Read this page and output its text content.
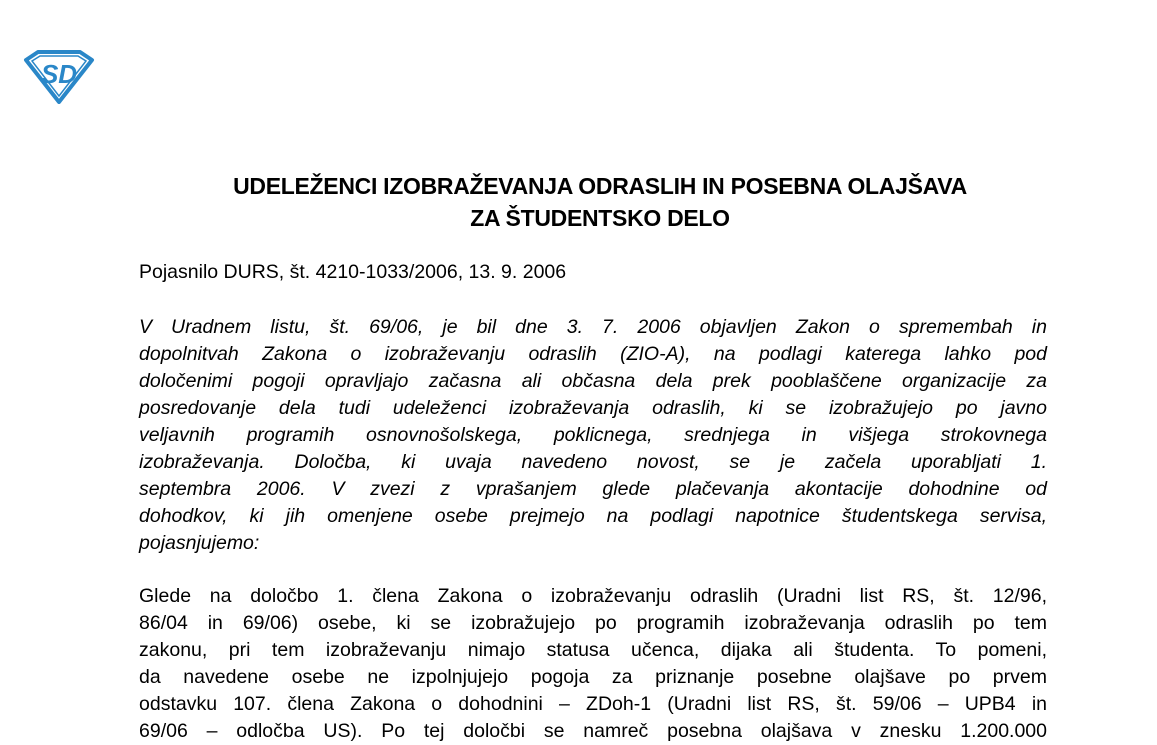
SD
UDELEŽENCI IZOBRAŽEVANJA ODRASLIH IN POSEBNA OLAJŠAVA
ZA ŠTUDENTSKO DELO
Pojasnilo DURS, št. 4210-1033/2006, 13. 9. 2006
V Uradnem listu, št. 69/06, je bil dne 3. 7. 2006 objavljen Zakon o spremembah in
dopolnitvah Zakona o izobraževanju odraslih (ZIO-A), na podlagi katerega lahko pod
določenimi pogoji opravljajo začasna ali občasna dela prek pooblaščene organizacije za
posredovanje dela tudi udeleženci izobraževanja odraslih, ki se izobražujejo po javno
veljavnih programih osnovnošolskega, poklicnega, srednjega in višjega strokovnega
izobraževanja. Določba, ki uvaja navedeno novost, se je začela uporabljati 1.
septembra 2006. V zvezi z vprašanjem glede plačevanja akontacije dohodnine od
dohodkov, ki jih omenjene osebe prejmejo na podlagi napotnice študentskega servisa,
pojasnjujemo:
Glede na določbo 1. člena Zakona o izobraževanju odraslih (Uradni list RS, št. 12/96,
86/04 in 69/06) osebe, ki se izobražujejo po programih izobraževanja odraslih po tem
zakonu, pri tem izobraževanju nimajo statusa učenca, dijaka ali študenta. To pomeni,
da navedene osebe ne izpolnjujejo pogoja za priznanje posebne olajšave po prvem
odstavku 107. člena Zakona o dohodnini – ZDoh-1 (Uradni list RS, št. 59/06 – UPB4 in
69/06 – odločba US). Po tej določbi se namreč posebna olajšava v znesku 1.200.000
